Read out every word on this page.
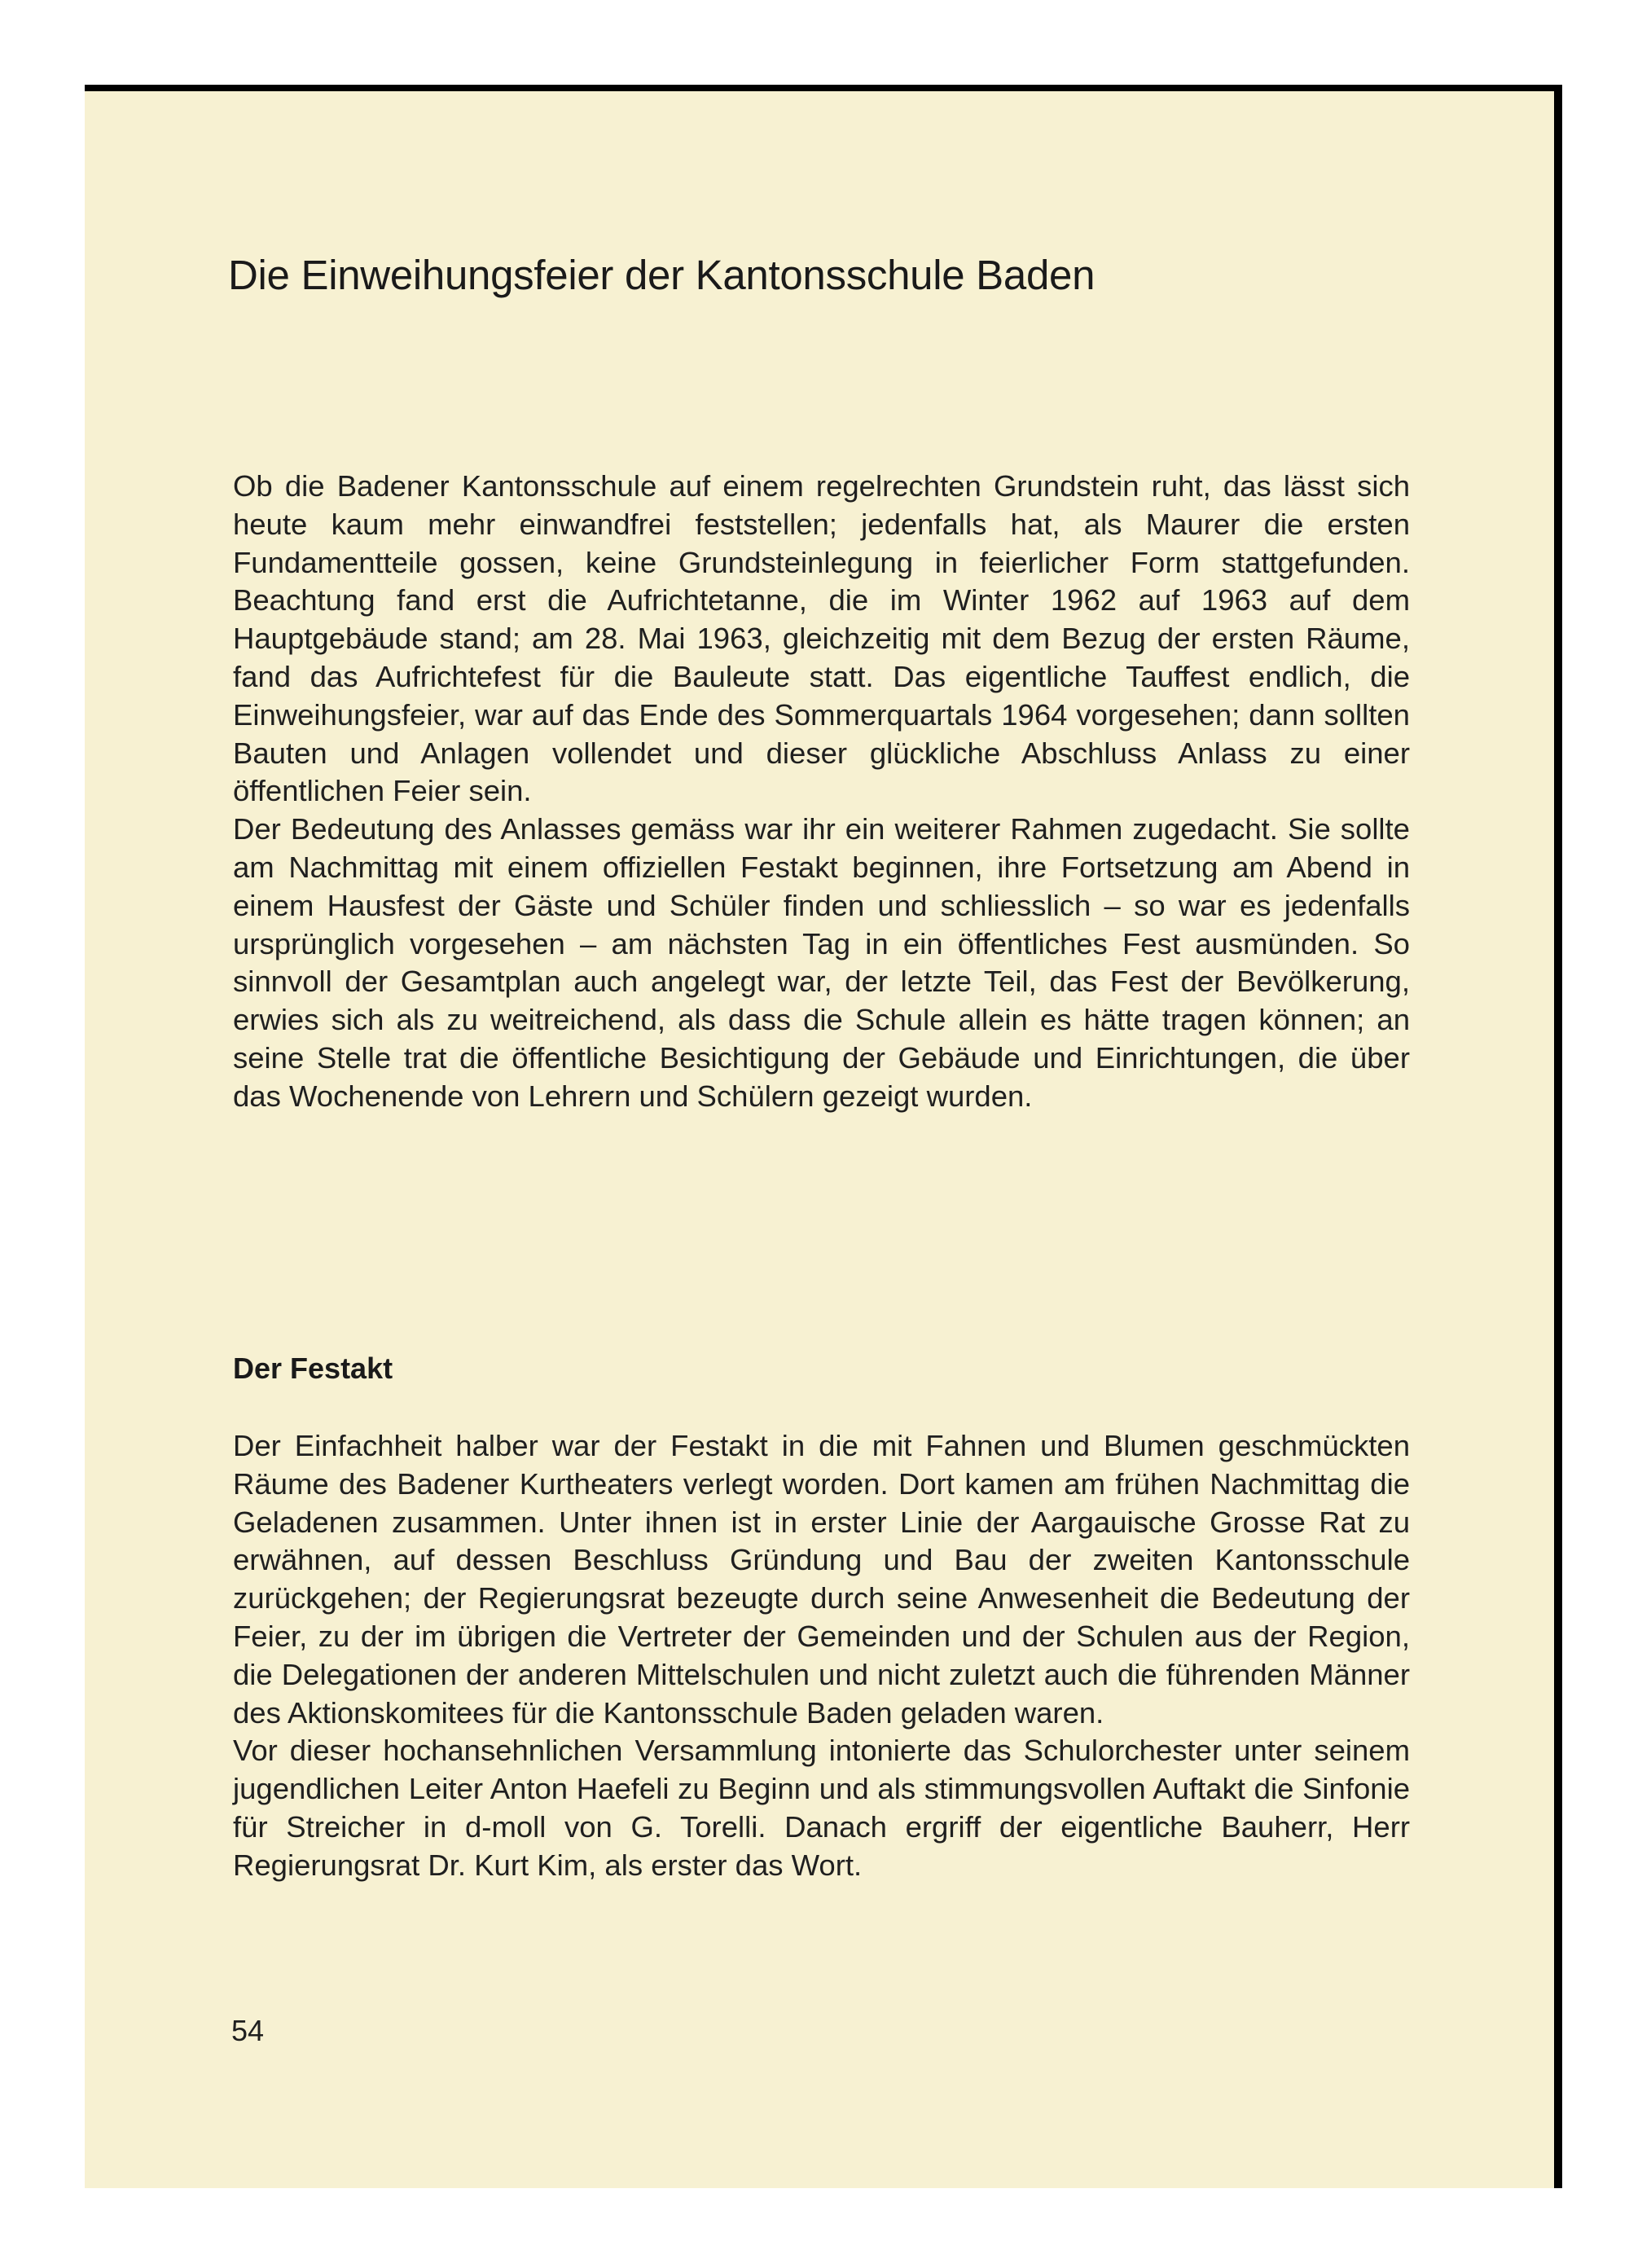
Die Einweihungsfeier der Kantonsschule Baden

Ob die Badener Kantonsschule auf einem regelrechten Grundstein ruht, das lässt sich heute kaum mehr einwandfrei feststellen; jedenfalls hat, als Maurer die ersten Fundamentteile gossen, keine Grundsteinlegung in feierlicher Form stattgefunden. Beachtung fand erst die Aufrichtetanne, die im Winter 1962 auf 1963 auf dem Hauptgebäude stand; am 28. Mai 1963, gleichzeitig mit dem Bezug der ersten Räume, fand das Aufrichtefest für die Bauleute statt. Das eigentliche Tauffest endlich, die Einweihungsfeier, war auf das Ende des Sommerquartals 1964 vorgesehen; dann sollten Bauten und Anlagen vollendet und dieser glückliche Abschluss Anlass zu einer öffentlichen Feier sein.

Der Bedeutung des Anlasses gemäss war ihr ein weiterer Rahmen zugedacht. Sie sollte am Nachmittag mit einem offiziellen Festakt beginnen, ihre Fortsetzung am Abend in einem Hausfest der Gäste und Schüler finden und schliesslich – so war es jedenfalls ursprünglich vorgesehen – am nächsten Tag in ein öffentliches Fest ausmünden. So sinnvoll der Gesamtplan auch angelegt war, der letzte Teil, das Fest der Bevölkerung, erwies sich als zu weitreichend, als dass die Schule allein es hätte tragen können; an seine Stelle trat die öffentliche Besichtigung der Gebäude und Einrichtungen, die über das Wochenende von Lehrern und Schülern gezeigt wurden.

Der Festakt

Der Einfachheit halber war der Festakt in die mit Fahnen und Blumen geschmückten Räume des Badener Kurtheaters verlegt worden. Dort kamen am frühen Nachmittag die Geladenen zusammen. Unter ihnen ist in erster Linie der Aargauische Grosse Rat zu erwähnen, auf dessen Beschluss Gründung und Bau der zweiten Kantonsschule zurückgehen; der Regierungsrat bezeugte durch seine Anwesenheit die Bedeutung der Feier, zu der im übrigen die Vertreter der Gemeinden und der Schulen aus der Region, die Delegationen der anderen Mittelschulen und nicht zuletzt auch die führenden Männer des Aktionskomitees für die Kantonsschule Baden geladen waren.

Vor dieser hochansehnlichen Versammlung intonierte das Schulorchester unter seinem jugendlichen Leiter Anton Haefeli zu Beginn und als stimmungsvollen Auftakt die Sinfonie für Streicher in d-moll von G. Torelli. Danach ergriff der eigentliche Bauherr, Herr Regierungsrat Dr. Kurt Kim, als erster das Wort.

54
